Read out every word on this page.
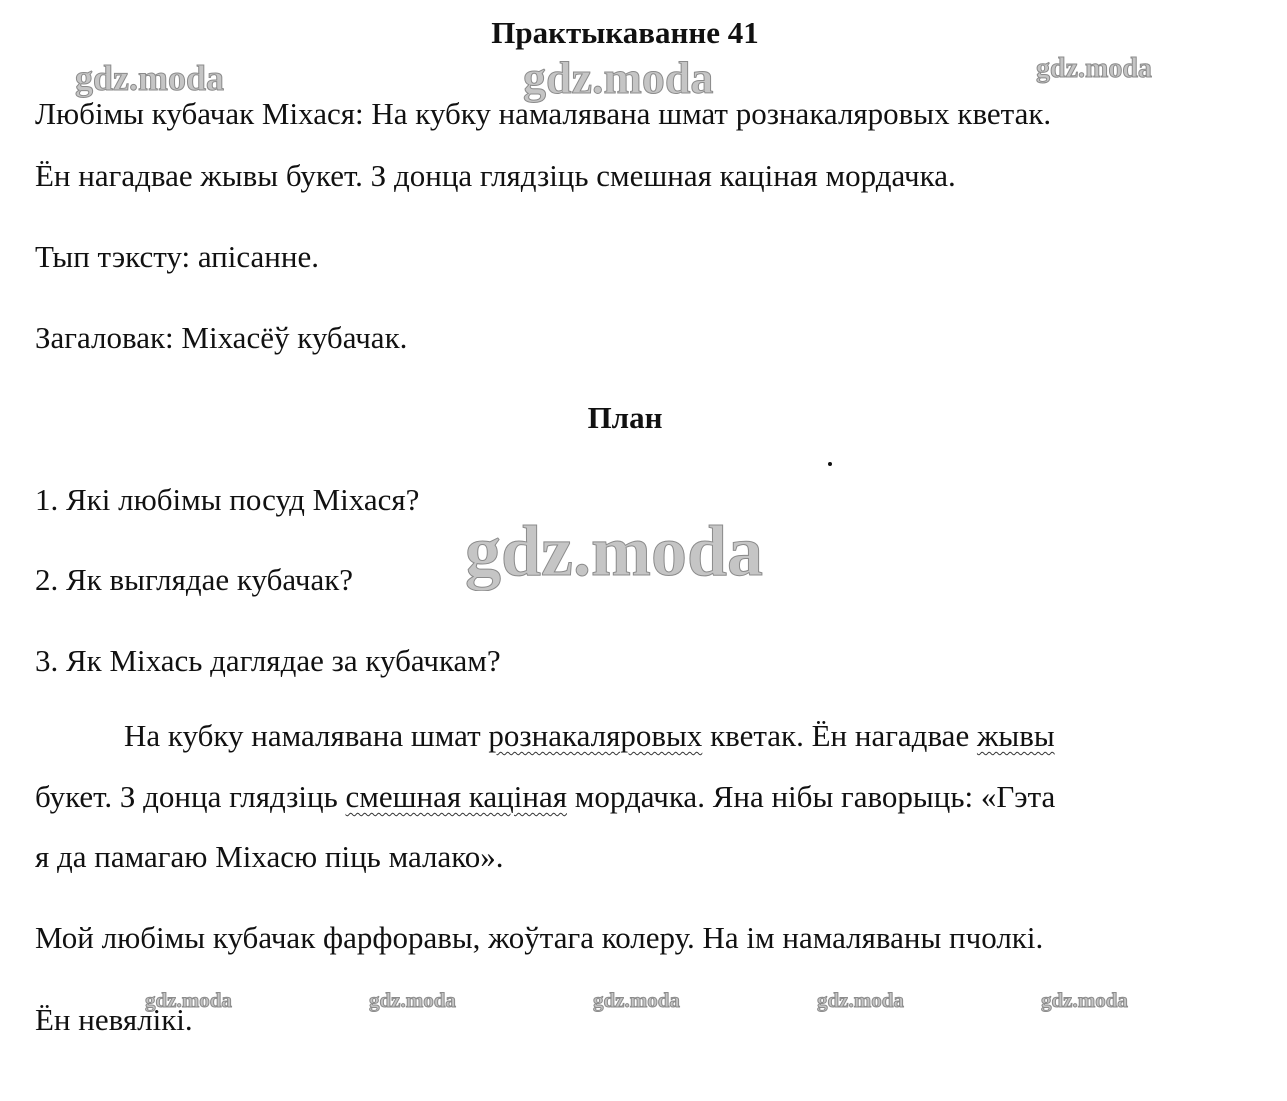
gdz.moda	gdz.moda	gdz.moda
gdz.moda
gdz.moda	gdz.moda	gdz.moda	gdz.moda	gdz.moda
Практыкаванне 41
Любімы кубачак Міхася: На кубку намалявана шмат рознакаляровых кветак.
Ён нагадвае жывы букет. З донца глядзіць смешная кацiная мордачка.
Тып тэксту: апісанне.
Загаловак: Міхасёў кубачак.
План
1. Якi любімы посуд Міхася?
2. Як выглядае кубачак?
3. Як Міхась даглядае за кубачкам?
На кубку намалявана шмат рознакаляровых кветак. Ён нагадвае жывы
букет. З донца глядзіць смешная кацiная мордачка. Яна нiбы гаворыць: «Гэта
я да памагаю Міхасю піць малако».
Мой любімы кубачак фарфоравы, жоўтага колеру. На ім намаляваны пчолкі.
Ён невялікі.
